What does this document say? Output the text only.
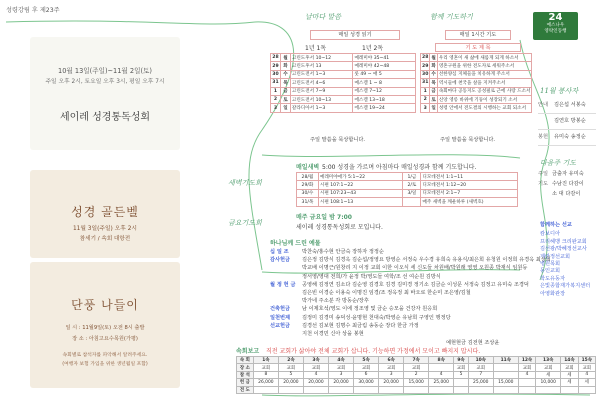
성령강림 후 제23주
24
예스나우
영락인동행
10월 13일(주일)~11월 2일(토)
주일 오후 2시, 토요일 오후 3시, 평일 오후 7시
세이레 성경통독성회
성경 골든벨
11월 3일(주일) 오후 2시
참세기 / 속회 대항전
단풍 나들이
일 시 : 11월9일(토) 오전 8시 출발
장 소 : 아침고요수목원(가평)
속회별로 참석자를 파악해서 알려주세요.
(여행자 보험 가입을 위한 생년월일 포함)
날마다 말씀	함께 기도하기
새벽기도회
금요기도회
매일 성경 읽기
1년 1독	1년 2독
28	월	고린도후서 10~12	예레미야 35~41
29	화	고린도후서 13	예레미야 42~48
30	수	고린도전서 1~3	룻 49 ~ 애 5
31	목	고린도전서 4~6	예스겔 1 ~ 8
1	금	고린도전서 7~9	에스겔 7~12
2	토	고린도전서 10~13	에스겔 13~18
3	일	갈라디아서 1~3	에스겔 19~24
주일 말씀을 묵상합니다.
매일 1시간 기도
기 도 제 목
28	월	우리 영혼이 새 삶에 새롭게 되게 하소서
29	화	영혼구원을 위한 전도자로 세워주소서
30	수	선한양심 지체들을 치유하게 주소서
31	목	역시들에 천국을 살을 지켜주소서
1	금	속회마다 공동지도 공성필로 근에 사랑 드소서
2	토	신앙 영롱 바위에 기둥이 성장되기 소서
3	일	성령 안에서 전도결의 시행하는 교회 되소서
주일 말씀을 묵상합니다.
매일새벽 5:00 성경을 가르며 아침마다 매일성경과 함께 기도합니다.
28/월	예레미야애가 5:1~22	1/금	디모데전서 1:1~11
29/화	시편 107:1~22	2/토	디모데전서 1:12~20
30/수	시편 107:23~43	3/일	디모데전서 2:1~7
31/목	시편 108:1~13		매주 새벽을 깨운하루 (새벽호)
매주 금요일 밤 7:00
세이레 성경통독성회로 모입니다.
하나님께 드린 예물
십 일 조	박찬숙/홍수현 안금숙 장하자 정정순
감사헌금	김은정 김방식 김경옥 김순섭/정영요 방영순 서정숙 우수경 유희숙 유용식/최은희 유청원 이정희 유경옥 최상희
박교배 이명근/원창리 지 이정 교회 이한 이오식 세 신도들 차원배/박원래 영영 오원종 박재식 임원등
정서영/영대 전희/가 윤정 박/영도들 여학/조 선 여순원 김방식
월 정 헌 금	공영해 김정연 김소다 김순영 김경호 김경 김미경 정기소 김금순 이성문 서정숙 김정고 유미숙 조경덕
김은빈 이경순 이용숙 이명진 임경/조 정옥정 최 바오로 한순미 조은영/김철
박가네 주소분 각 방동순/장후
건축헌금	남 이제호석/영도 이에 정조영 및 금순 승모을 건강자 원응희
일천번제	김정미 김경미 송덕성·윤명현 천대숙/박영순 유남희 구영인 행정당
선교헌금	김경선 김보현 김명수 최금림 송동순 장다 한금 가정
지천 이경민 신아 상을 봉현
예현현금 김전현 조상윤
11월 봉사자
안내	김은섭 서봉숙
김연호 방봉순
봉헌	유미숙 송정순
다음주 기도
주일 금출자 유미숙
기도 수남진 다감이
소 대 다감이
함께하는 선교
캄보디아
프리헤맹 크리완교회
김선광/박혜정선교사
계란정선교회
병원목회
동인교회
학도유동자
은빛종합재가복지센터
아영화관장
속회보고 직전 교회가 삶아야 전체 교회가 삽니다. 기능하면 가정에서 모이고 빠지지 맙시다.
속 회	1속	2속	3속	4속	5속	6속	7속	8속	9속	10속	11속	12속	13속	14속	15속
장 소	교회	교회	교회	교회	교회	교회	교회		교회	교회		교회	교회	교회	교회
참 석	8	5	4	3	6	3	2	4	5	7		4	세	세	4
헌 금	26,000	20,000	20,000	20,000	30,000	20,000	15,000	25,000		25,000	15,000		10,000	세	세
전 도															
